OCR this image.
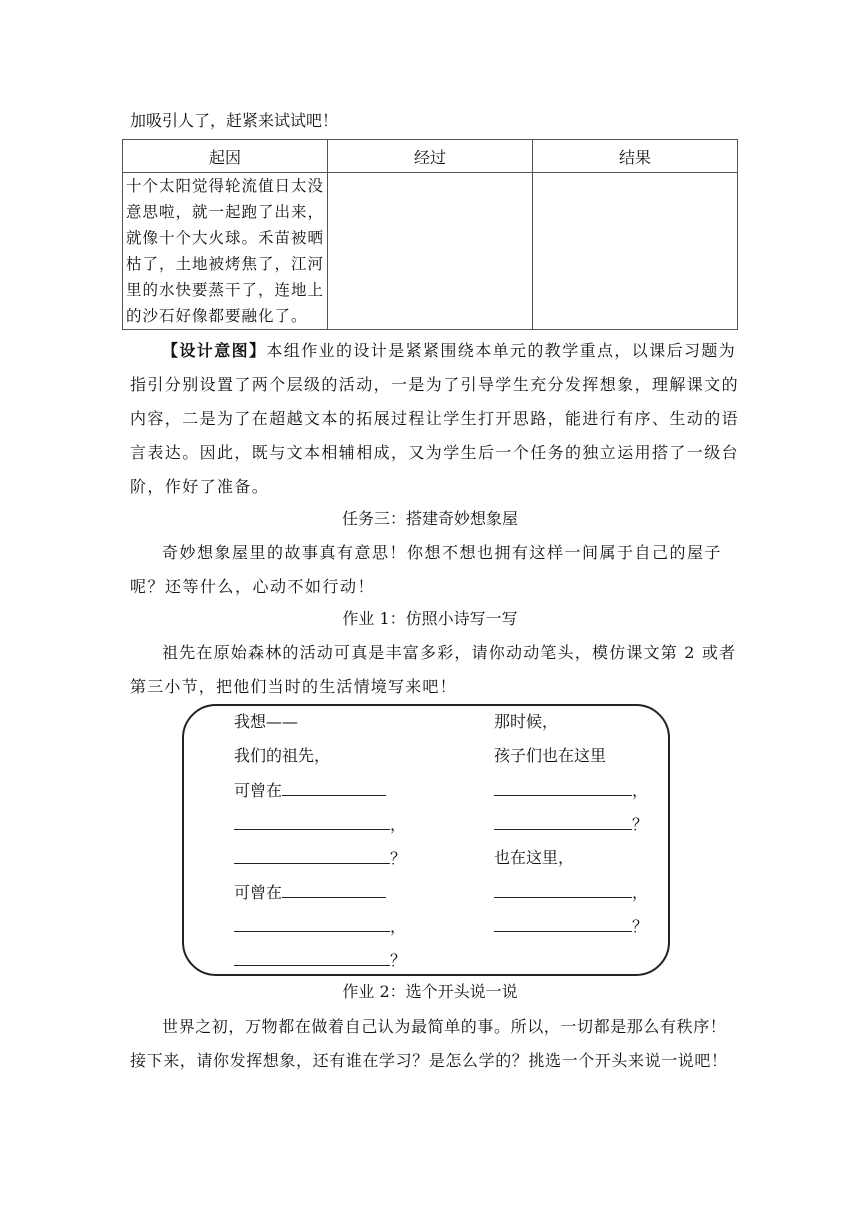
加吸引人了，赶紧来试试吧！
起因	经过	结果
十个太阳觉得轮流值日太没意思啦，就一起跑了出来，就像十个大火球。禾苗被晒枯了，土地被烤焦了，江河里的水快要蒸干了，连地上的沙石好像都要融化了。		
【设计意图】本组作业的设计是紧紧围绕本单元的教学重点，以课后习题为指引分别设置了两个层级的活动，一是为了引导学生充分发挥想象，理解课文的内容，二是为了在超越文本的拓展过程让学生打开思路，能进行有序、生动的语言表达。因此，既与文本相辅相成，又为学生后一个任务的独立运用搭了一级台阶，作好了准备。
任务三：搭建奇妙想象屋
奇妙想象屋里的故事真有意思！你想不想也拥有这样一间属于自己的屋子呢？还等什么，心动不如行动！
作业 1：仿照小诗写一写
祖先在原始森林的活动可真是丰富多彩，请你动动笔头，模仿课文第 2 或者第三小节，把他们当时的生活情境写来吧！
我想——
我们的祖先，
可曾在
，
？
可曾在
，
？
那时候，
孩子们也在这里
，
？
也在这里，
，
？
作业 2：选个开头说一说
世界之初，万物都在做着自己认为最简单的事。所以，一切都是那么有秩序！接下来，请你发挥想象，还有谁在学习？是怎么学的？挑选一个开头来说一说吧！
